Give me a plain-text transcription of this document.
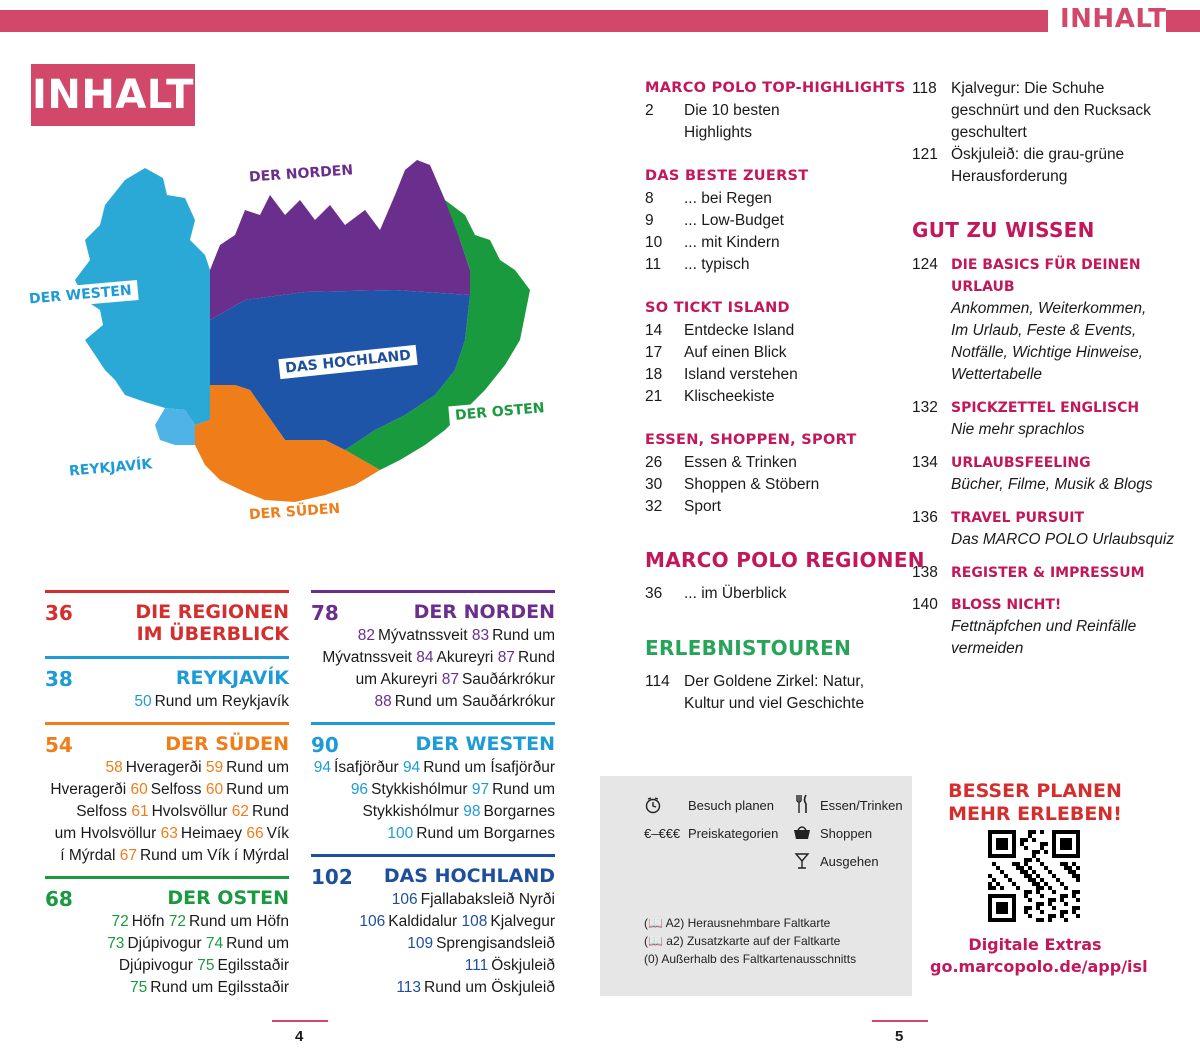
INHALT
INHALT
DER NORDEN
DER WESTEN
DAS HOCHLAND
DER OSTEN
REYKJAVÍK
DER SÜDEN
36	DIE REGIONEN IM ÜBERBLICK
38	REYKJAVÍK
50 Rund um Reykjavík
54	DER SÜDEN
58 Hveragerði 59 Rund um
Hveragerði 60 Selfoss 60 Rund um
Selfoss 61 Hvolsvöllur 62 Rund
um Hvolsvöllur 63 Heimaey 66 Vík
í Mýrdal 67 Rund um Vík í Mýrdal
68	DER OSTEN
72 Höfn 72 Rund um Höfn
73 Djúpivogur 74 Rund um
Djúpivogur 75 Egilsstaðir
75 Rund um Egilsstaðir
78	DER NORDEN
82 Mývatnssveit 83 Rund um
Mývatnssveit 84 Akureyri 87 Rund
um Akureyri 87 Sauðárkrókur
88 Rund um Sauðárkrókur
90	DER WESTEN
94 Ísafjörður 94 Rund um Ísafjörður
96 Stykkishólmur 97 Rund um
Stykkishólmur 98 Borgarnes
100 Rund um Borgarnes
102 DAS HOCHLAND
106 Fjallabaksleið Nyrði
106 Kaldidalur 108 Kjalvegur
109 Sprengisandsleið
111 Öskjuleið
113 Rund um Öskjuleið
MARCO POLO TOP-HIGHLIGHTS
2	Die 10 besten
Highlights
DAS BESTE ZUERST
SO TICKT ISLAND
ESSEN, SHOPPEN, SPORT
MARCO POLO REGIONEN
36	... im Überblick
ERLEBNISTOUREN
114 Der Goldene Zirkel: Natur,
Kultur und viel Geschichte
118 Kjalvegur: Die Schuhe
geschnürt und den Rucksack
geschultert
121 Öskjuleið: die grau-grüne
Herausforderung
GUT ZU WISSEN
Besuch planen
€–€€€ Preiskategorien
Essen/Trinken
Shoppen
Ausgehen
(📖 A2) Herausnehmbare Faltkarte
(📖 a2) Zusatzkarte auf der Faltkarte
(0) Außerhalb des Faltkartenausschnitts
BESSER PLANEN
MEHR ERLEBEN!
Digitale Extras
go.marcopolo.de/app/isl
4	5
8	... bei Regen
9	... Low-Budget
10	... mit Kindern
11	... typisch
14	Entdecke Island
17	Auf einen Blick
18	Island verstehen
21	Klischeekiste
26	Essen & Trinken
30	Shoppen & Stöbern
32	Sport
124 DIE BASICS FÜR DEINEN
URLAUB
Ankommen, Weiterkommen,
Im Urlaub, Feste & Events,
Notfälle, Wichtige Hinweise,
Wettertabelle
132 SPICKZETTEL ENGLISCH
Nie mehr sprachlos
134 URLAUBSFEELING
Bücher, Filme, Musik & Blogs
136 TRAVEL PURSUIT
Das MARCO POLO Urlaubsquiz
138 REGISTER & IMPRESSUM
140 BLOSS NICHT!
Fettnäpfchen und Reinfälle
vermeiden
